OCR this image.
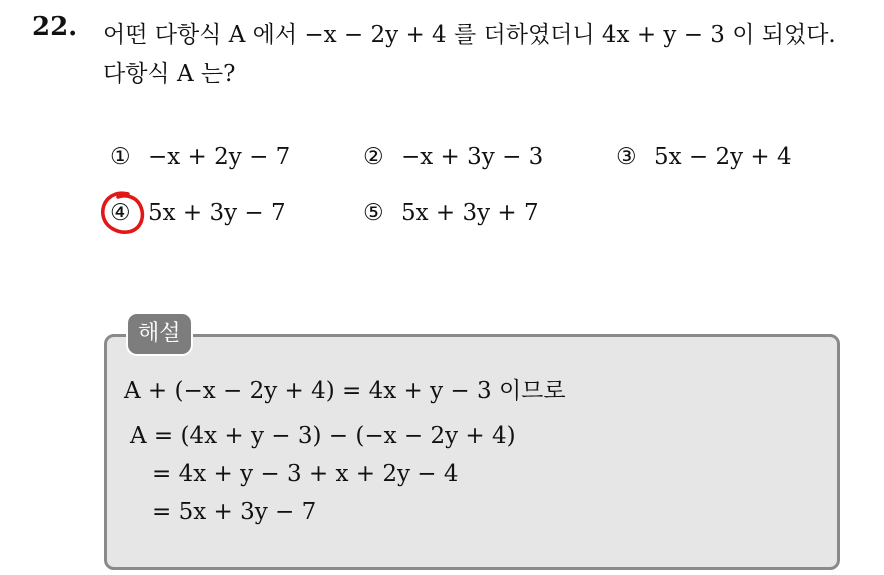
22. 어떤 다항식 A 에서 −x − 2y + 4 를 더하였더니 4x + y − 3 이 되었다.
다항식 A 는?
① −x + 2y − 7	② −x + 3y − 3	③ 5x − 2y + 4
④ 5x + 3y − 7	⑤ 5x + 3y + 7
해설
A + (−x − 2y + 4) = 4x + y − 3 이므로
A = (4x + y − 3) − (−x − 2y + 4)
= 4x + y − 3 + x + 2y − 4
= 5x + 3y − 7
